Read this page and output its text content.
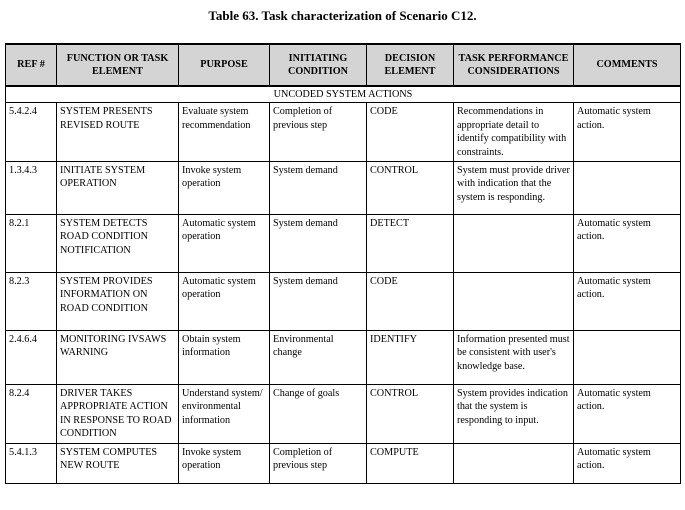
Table 63. Task characterization of Scenario C12.
REF #	FUNCTION OR TASK ELEMENT	PURPOSE	INITIATING CONDITION	DECISION ELEMENT	TASK PERFORMANCE CONSIDERATIONS	COMMENTS
UNCODED SYSTEM ACTIONS						
5.4.2.4	SYSTEM PRESENTS REVISED ROUTE	Evaluate system recommendation	Completion of previous step	CODE	Recommendations in appropriate detail to identify compatibility with constraints.	Automatic system action.
1.3.4.3	INITIATE SYSTEM OPERATION	Invoke system operation	System demand	CONTROL	System must provide driver with indication that the system is responding.	
8.2.1	SYSTEM DETECTS ROAD CONDITION NOTIFICATION	Automatic system operation	System demand	DETECT		Automatic system action.
8.2.3	SYSTEM PROVIDES INFORMATION ON ROAD CONDITION	Automatic system operation	System demand	CODE		Automatic system action.
2.4.6.4	MONITORING IVSAWS WARNING	Obtain system information	Environmental change	IDENTIFY	Information presented must be consistent with user's knowledge base.	
8.2.4	DRIVER TAKES APPROPRIATE ACTION IN RESPONSE TO ROAD CONDITION	Understand system/ environmental information	Change of goals	CONTROL	System provides indication that the system is responding to input.	Automatic system action.
5.4.1.3	SYSTEM COMPUTES NEW ROUTE	Invoke system operation	Completion of previous step	COMPUTE		Automatic system action.
